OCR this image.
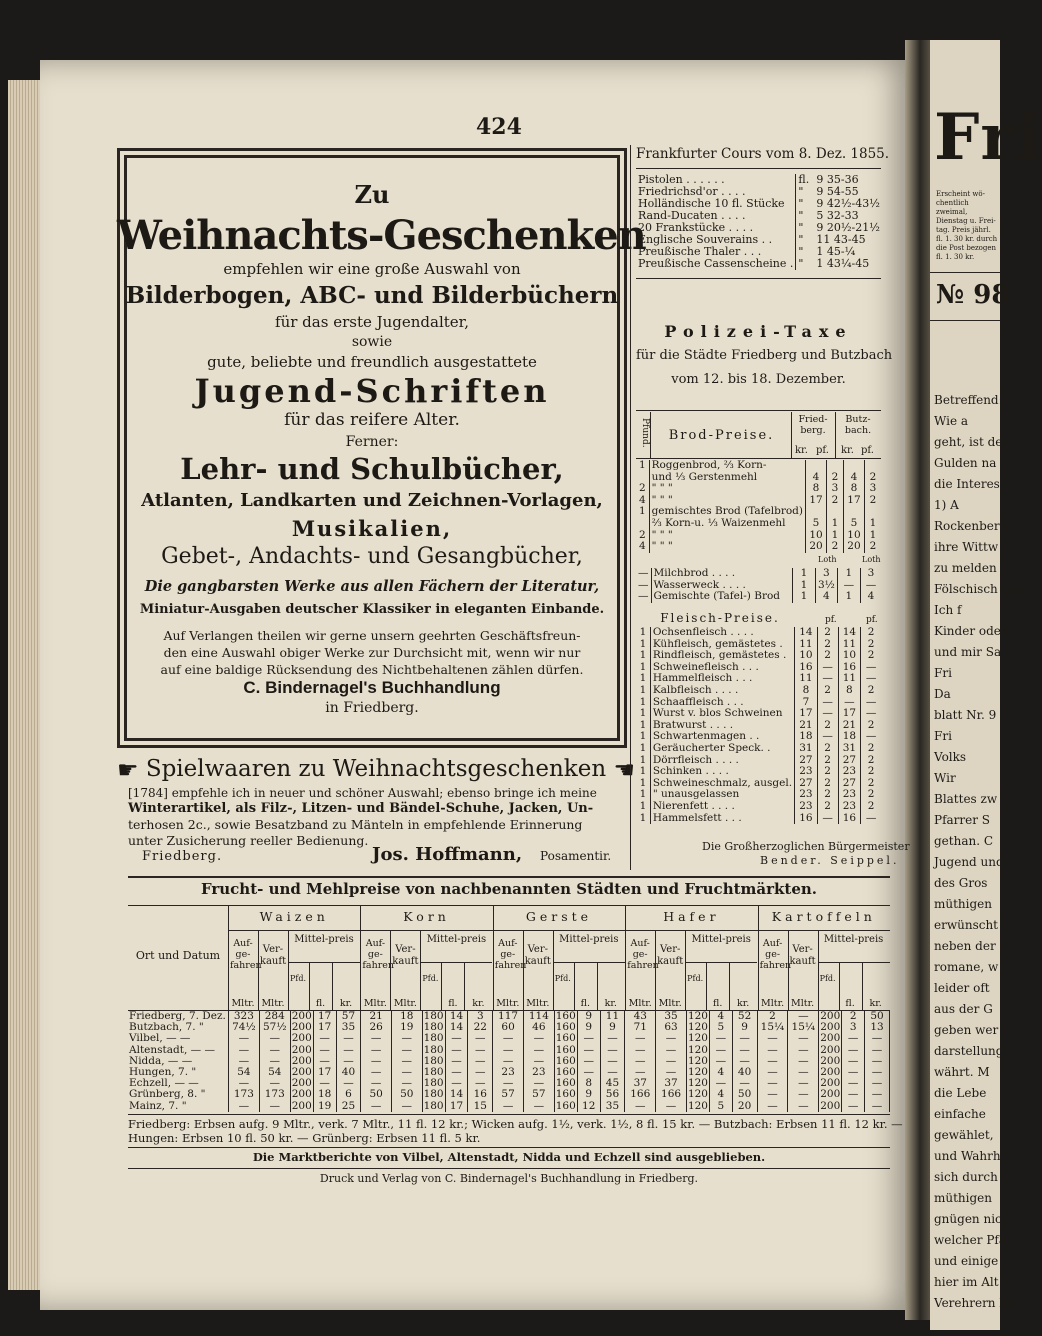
Fri
Erscheint wö-
chentlich zweimal,
Dienstag u. Frei-
tag. Preis jährl.
fl. 1. 30 kr. durch
die Post bezogen
fl. 1. 30 kr.
№ 98
Betreffend:
Wie a
geht, ist der
Gulden na
die Interess
1) A
Rockenberg
ihre Wittw
zu melden
Fölschisch und
Ich f
Kinder oder
und mir Sa
Fri
Da
blatt Nr. 9
Fri
Volks
Wir
Blattes zw
Pfarrer S
gethan. C
Jugend und
des Gros
müthigen
erwünscht
neben der
romane, w
leider oft
aus der G
geben wer
darstellung
währt. M
die Lebe
einfache
gewählet,
und Wahrhe
sich durch
müthigen
gnügen nich
welcher Pfa
und einige
hier im Alt
Verehrern bis
424
Zu
Weihnachts-Geschenken
empfehlen wir eine große Auswahl von
Bilderbogen, ABC- und Bilderbüchern
für das erste Jugendalter,
sowie
gute, beliebte und freundlich ausgestattete
Jugend-Schriften
für das reifere Alter.
Ferner:
Lehr- und Schulbücher,
Atlanten, Landkarten und Zeichnen-Vorlagen,
Musikalien,
Gebet-, Andachts- und Gesangbücher,
Die gangbarsten Werke aus allen Fächern der Literatur,
Miniatur-Ausgaben deutscher Klassiker in eleganten Einbande.
Auf Verlangen theilen wir gerne unsern geehrten Geschäftsfreun-
den eine Auswahl obiger Werke zur Durchsicht mit, wenn wir nur
auf eine baldige Rücksendung des Nichtbehaltenen zählen dürfen.
C. Bindernagel's Buchhandlung
in Friedberg.
☛ Spielwaaren zu Weihnachtsgeschenken ☚
[1784] empfehle ich in neuer und schöner Auswahl; ebenso bringe ich meine
Winterartikel, als Filz-, Litzen- und Bändel-Schuhe, Jacken, Un-
terhosen 2c., sowie Besatzband zu Mänteln in empfehlende Erinnerung
unter Zusicherung reeller Bedienung.
Friedberg.	Jos. Hoffmann, Posamentir.
Frankfurter Cours vom 8. Dez. 1855.
Pistolen . . . . . .	fl.	9 35-36
Friedrichsd'or . . . .	"	9 54-55
Holländische 10 fl. Stücke	"	9 42½-43½
Rand-Ducaten . . . .	"	5 32-33
20 Frankstücke . . . .	"	9 20½-21½
Englische Souverains . .	"	11 43-45
Preußische Thaler . . .	"	1 45-¼
Preußische Cassenscheine .	"	1 43¼-45
Polizei-Taxe
für die Städte Friedberg und Butzbach
vom 12. bis 18. Dezember.
Pfund.	Brod-Preise.
Fried-berg.
Butz-bach.
kr. pf. kr. pf.
1	Roggenbrod, ⅔ Korn-				
	und ⅓ Gerstenmehl	4	2	4	2
2	" " "	8	3	8	3
4	" " "	17	2	17	2
1	gemischtes Brod (Tafelbrod)				
	⅔ Korn-u. ⅓ Waizenmehl	5	1	5	1
2	" " "	10	1	10	1
4	" " "	20	2	20	2
Loth	Loth
—	Milchbrod . . . .	1	3	1	3
—	Wasserweck . . . .	1	3½	—	—
—	Gemischte (Tafel-) Brod	1	4	1	4
Fleisch-Preise.	pf.	pf.
1	Ochsenfleisch . . . .	14	2	14	2
1	Kühfleisch, gemästetes .	11	2	11	2
1	Rindfleisch, gemästetes .	10	2	10	2
1	Schweinefleisch . . .	16	—	16	—
1	Hammelfleisch . . .	11	—	11	—
1	Kalbfleisch . . . .	8	2	8	2
1	Schaaffleisch . . .	7	—	—	—
1	Wurst v. blos Schweinen	17	—	17	—
1	Bratwurst . . . .	21	2	21	2
1	Schwartenmagen . .	18	—	18	—
1	Geräucherter Speck. .	31	2	31	2
1	Dörrfleisch . . . .	27	2	27	2
1	Schinken . . . .	23	2	23	2
1	Schweineschmalz, ausgel.	27	2	27	2
1	" unausgelassen	23	2	23	2
1	Nierenfett . . . .	23	2	23	2
1	Hammelsfett . . .	16	—	16	—
Die Großherzoglichen Bürgermeister
Bender. Seippel.
Frucht- und Mehlpreise von nachbenannten Städten und Fruchtmärkten.
Ort und Datum
Waizen
Auf-ge-fahren
Ver-kauft
Mittel-preis
Pfd.
Mltr. Mltr.	fl.	kr.
Korn
Auf-ge-fahren
Ver-kauft
Mittel-preis
Pfd.
Mltr. Mltr.	fl.	kr.
Gerste
Auf-ge-fahren
Ver-kauft
Mittel-preis
Pfd.
Mltr. Mltr.	fl.	kr.
Hafer
Auf-ge-fahren
Ver-kauft
Mittel-preis
Pfd.
Mltr. Mltr.	fl.	kr.
Kartoffeln
Auf-ge-fahren
Ver-kauft
Mittel-preis
Pfd.
Mltr. Mltr.	fl.	kr.
Friedberg, 7. Dez.	323	284	200	17	57	21	18	180	14	3	117	114	160	9	11	43	35	120	4	52	2	—	200	2	50
Butzbach, 7. "	74½	57½	200	17	35	26	19	180	14	22	60	46	160	9	9	71	63	120	5	9	15¼	15¼	200	3	13
Vilbel, — —	—	—	200	—	—	—	—	180	—	—	—	—	160	—	—	—	—	120	—	—	—	—	200	—	—
Altenstadt, — —	—	—	200	—	—	—	—	180	—	—	—	—	160	—	—	—	—	120	—	—	—	—	200	—	—
Nidda, — —	—	—	200	—	—	—	—	180	—	—	—	—	160	—	—	—	—	120	—	—	—	—	200	—	—
Hungen, 7. "	54	54	200	17	40	—	—	180	—	—	23	23	160	—	—	—	—	120	4	40	—	—	200	—	—
Echzell, — —	—	—	200	—	—	—	—	180	—	—	—	—	160	8	45	37	37	120	—	—	—	—	200	—	—
Grünberg, 8. "	173	173	200	18	6	50	50	180	14	16	57	57	160	9	56	166	166	120	4	50	—	—	200	—	—
Mainz, 7. "	—	—	200	19	25	—	—	180	17	15	—	—	160	12	35	—	—	120	5	20	—	—	200	—	—
Friedberg: Erbsen aufg. 9 Mltr., verk. 7 Mltr., 11 fl. 12 kr.; Wicken aufg. 1½, verk. 1½, 8 fl. 15 kr. — Butzbach: Erbsen 11 fl. 12 kr. —
Hungen: Erbsen 10 fl. 50 kr. — Grünberg: Erbsen 11 fl. 5 kr.
Die Marktberichte von Vilbel, Altenstadt, Nidda und Echzell sind ausgeblieben.
Druck und Verlag von C. Bindernagel's Buchhandlung in Friedberg.
